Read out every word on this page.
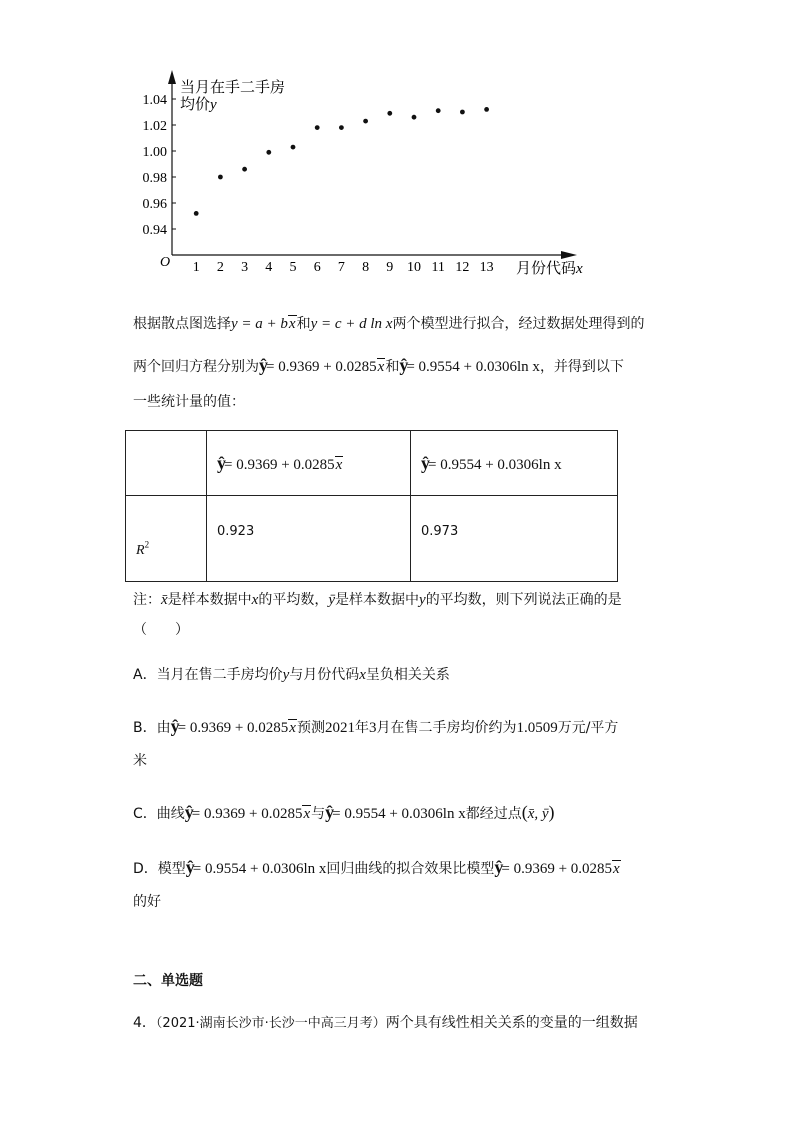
当月在手二手房
均价y
月份代码x
O 1 2 3 4 5 6 7 8 9 10 11 12 13
0.94
0.96
0.98
1.00
1.02
1.04
根据散点图选择y = a + bx和y = c + d ln x两个模型进行拟合，经过数据处理得到的
两个回归方程分别为ŷ= 0.9369 + 0.0285x和ŷ= 0.9554 + 0.0306ln x，并得到以下
一些统计量的值：
	ŷ= 0.9369 + 0.0285x	ŷ= 0.9554 + 0.0306ln x
$R^2$	0.923	0.973
注：x̄是样本数据中x的平均数，ȳ是样本数据中y的平均数，则下列说法正确的是
（　　）
A．当月在售二手房均价y与月份代码x呈负相关关系
B．由ŷ= 0.9369 + 0.0285x预测2021年3月在售二手房均价约为1.0509万元/平方
米
C．曲线ŷ= 0.9369 + 0.0285x与ŷ= 0.9554 + 0.0306ln x都经过点(x̄, ȳ)
D．模型ŷ= 0.9554 + 0.0306ln x回归曲线的拟合效果比模型ŷ= 0.9369 + 0.0285x
的好
二、单选题
4．（2021·湖南长沙市·长沙一中高三月考）两个具有线性相关关系的变量的一组数据
